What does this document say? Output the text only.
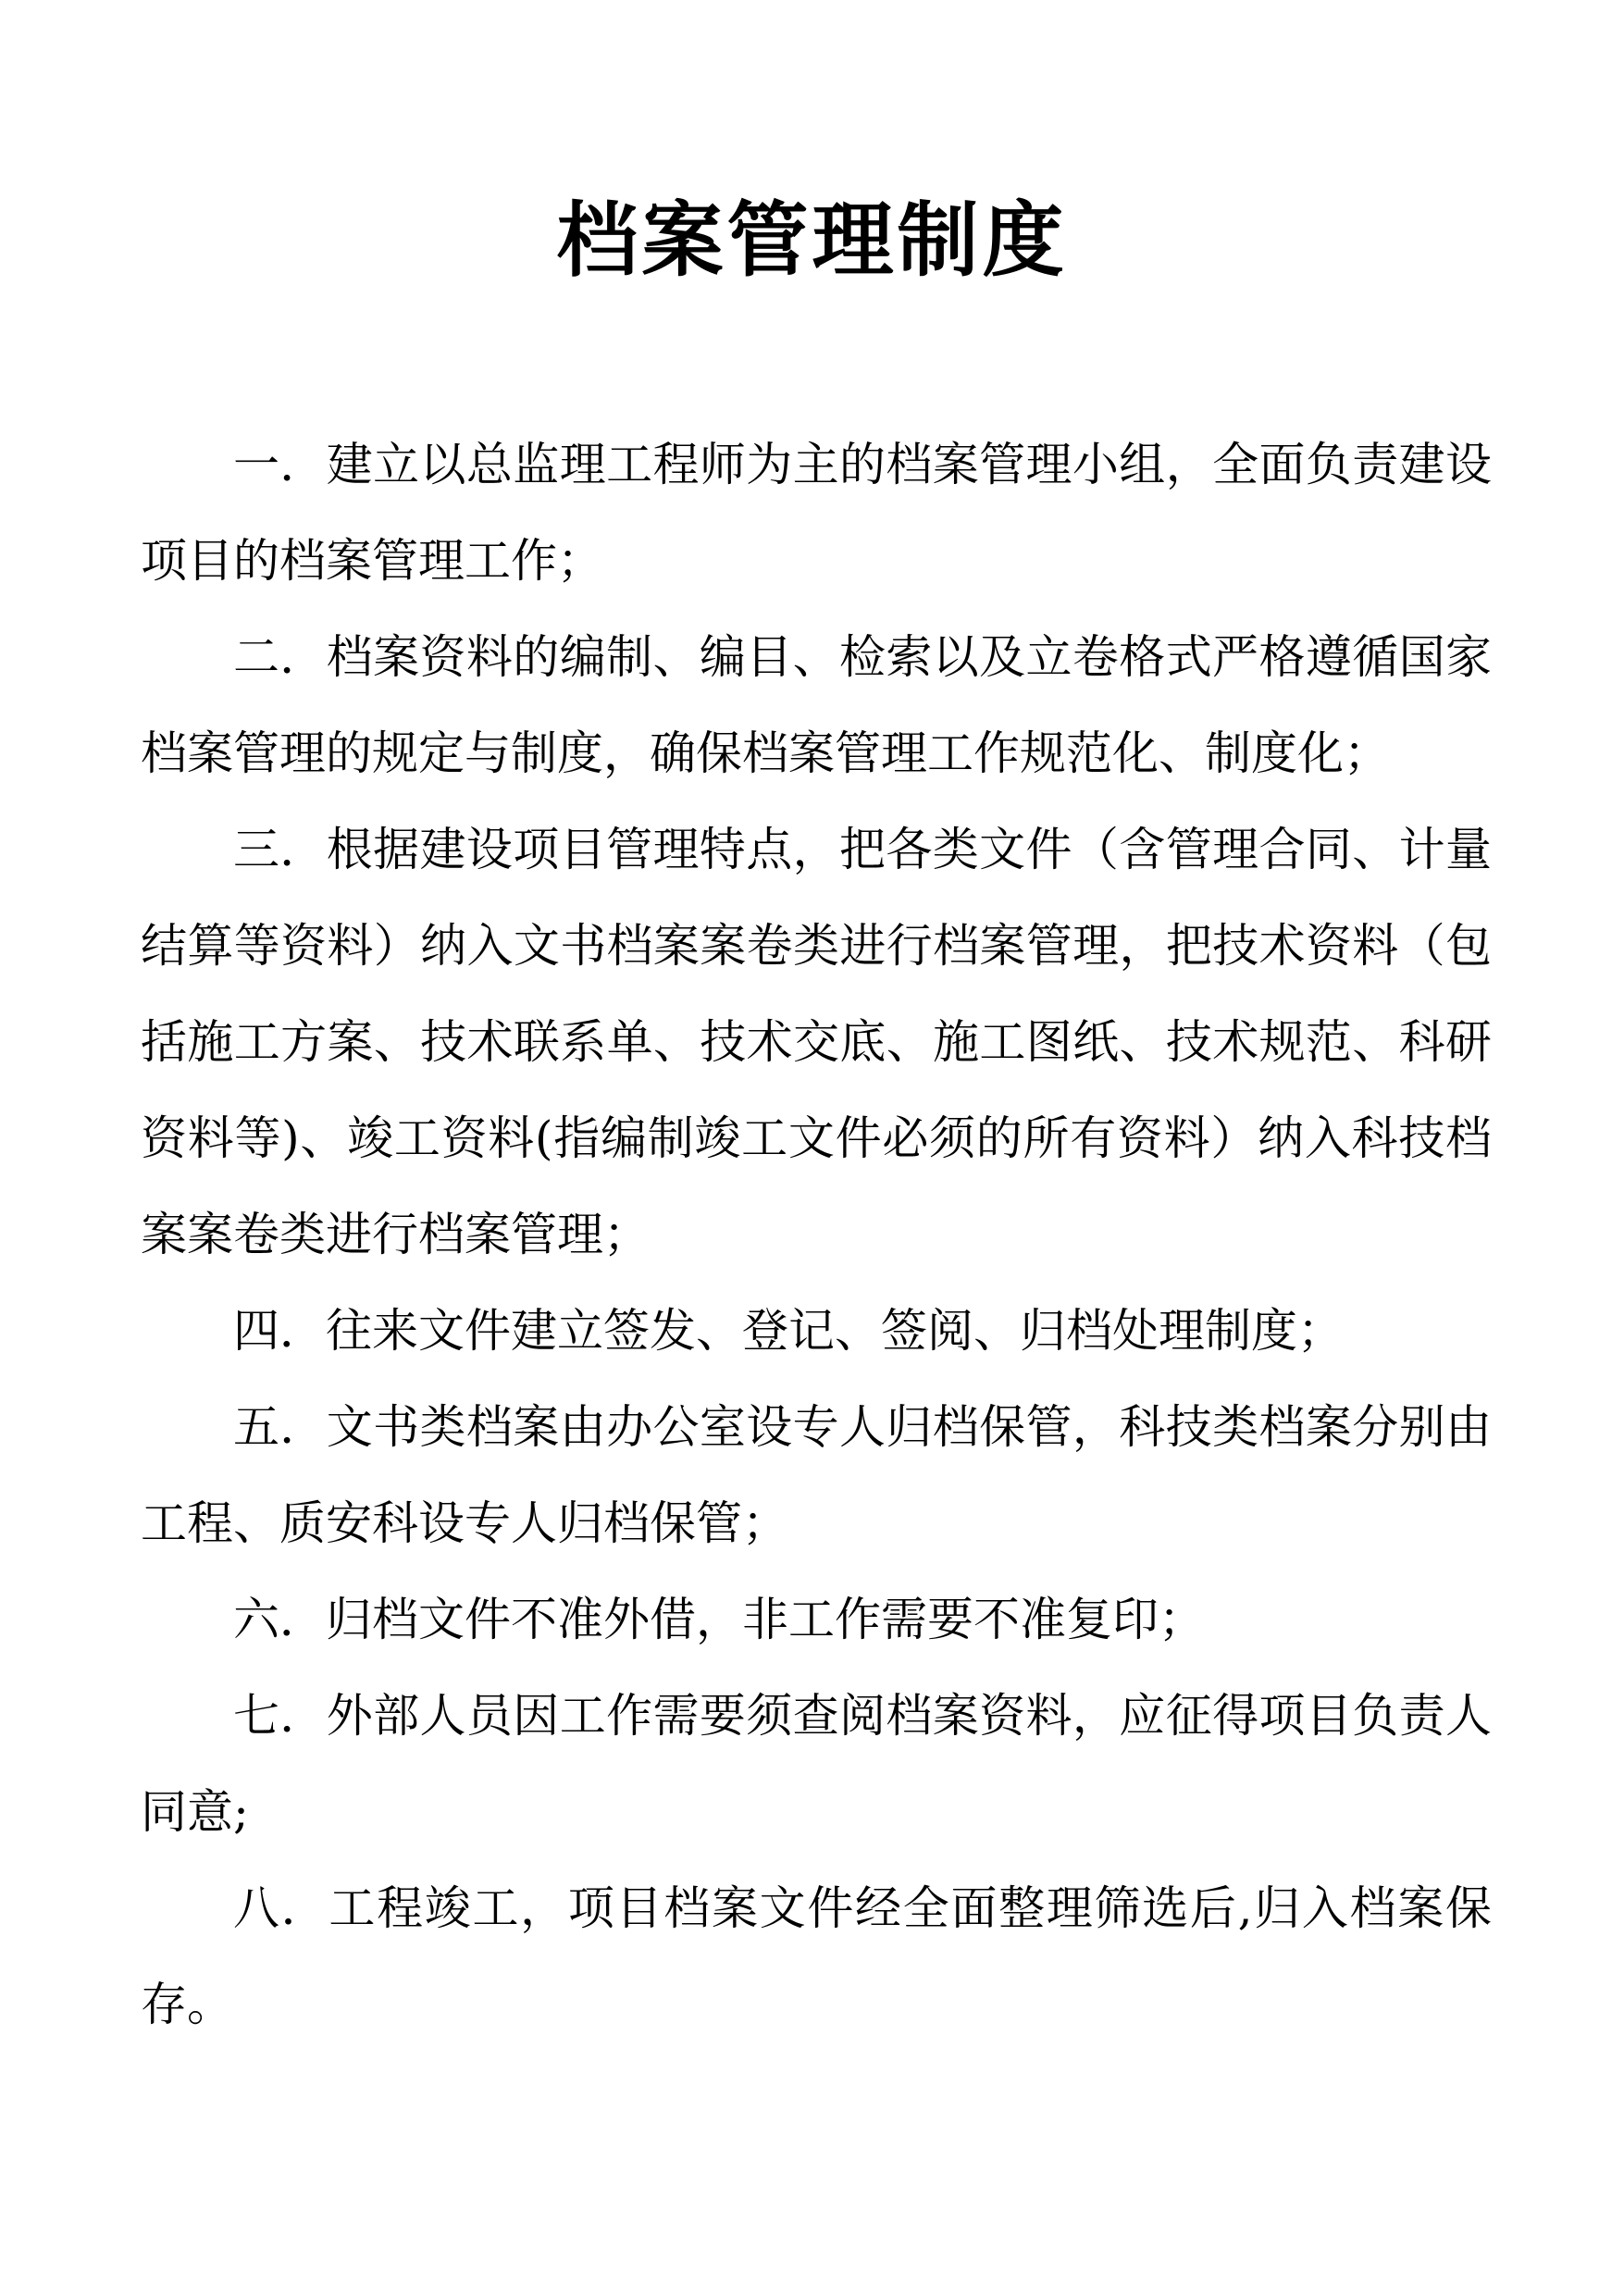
档案管理制度

一．建立以总监理工程师为主的档案管理小组，全面负责建设项目的档案管理工作；

二．档案资料的编制、编目、检索以及立卷格式严格遵循国家档案管理的规定与制度，确保档案管理工作规范化、制度化；

三．根据建设项目管理特点，把各类文件（含管理合同、计量结算等资料）纳入文书档案案卷类进行档案管理，把技术资料（包括施工方案、技术联系单、技术交底、施工图纸、技术规范、科研资料等)、竣工资料(指编制竣工文件必须的所有资料）纳入科技档案案卷类进行档案管理；

四．往来文件建立签发、登记、签阅、归档处理制度；

五．文书类档案由办公室设专人归档保管，科技类档案分别由工程、质安科设专人归档保管；

六．归档文件不准外借，非工作需要不准复印；

七．外部人员因工作需要须查阅档案资料，应征得项目负责人同意;

八．工程竣工，项目档案文件经全面整理筛选后,归入档案保存。
